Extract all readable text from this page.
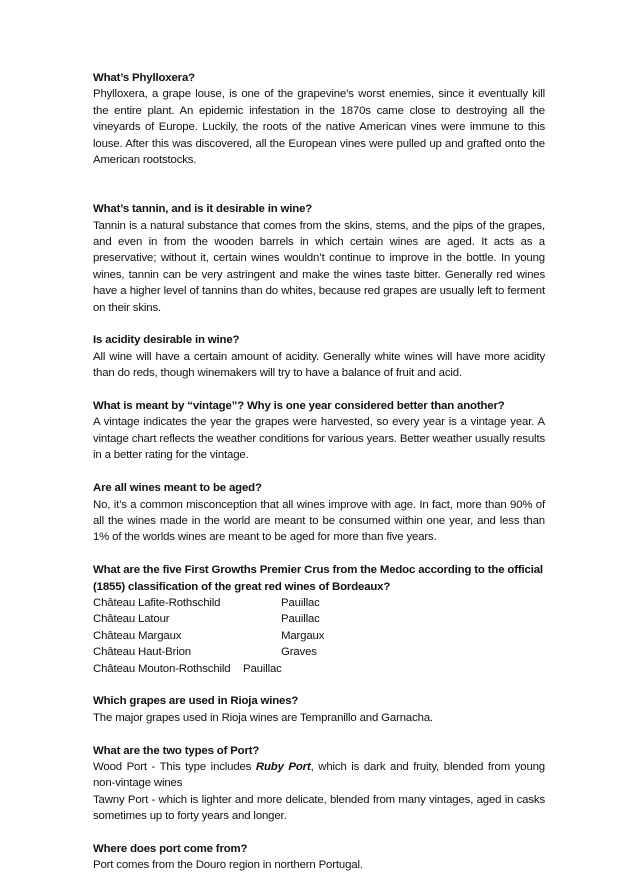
What’s Phylloxera?

Phylloxera, a grape louse, is one of the grapevine’s worst enemies, since it eventually kill the entire plant. An epidemic infestation in the 1870s came close to destroying all the vineyards of Europe. Luckily, the roots of the native American vines were immune to this louse. After this was discovered, all the European vines were pulled up and grafted onto the American rootstocks.

What’s tannin, and is it desirable in wine?

Tannin is a natural substance that comes from the skins, stems, and the pips of the grapes, and even in from the wooden barrels in which certain wines are aged. It acts as a preservative; without it, certain wines wouldn’t continue to improve in the bottle. In young wines, tannin can be very astringent and make the wines taste bitter. Generally red wines have a higher level of tannins than do whites, because red grapes are usually left to ferment on their skins.

Is acidity desirable in wine?

All wine will have a certain amount of acidity. Generally white wines will have more acidity than do reds, though winemakers will try to have a balance of fruit and acid.

What is meant by “vintage”? Why is one year considered better than another?

A vintage indicates the year the grapes were harvested, so every year is a vintage year. A vintage chart reflects the weather conditions for various years. Better weather usually results in a better rating for the vintage.

Are all wines meant to be aged?

No, it’s a common misconception that all wines improve with age. In fact, more than 90% of all the wines made in the world are meant to be consumed within one year, and less than 1% of the worlds wines are meant to be aged for more than five years.

What are the five First Growths Premier Crus from the Medoc according to the official (1855) classification of the great red wines of Bordeaux?

Château Lafite-Rothschild	Pauillac
Château Latour	Pauillac
Château Margaux	Margaux
Château Haut-Brion	Graves
Château Mouton-Rothschild	Pauillac

Which grapes are used in Rioja wines?

The major grapes used in Rioja wines are Tempranillo and Garnacha.

What are the two types of Port?

Wood Port - This type includes Ruby Port, which is dark and fruity, blended from young non-vintage wines

Tawny Port - which is lighter and more delicate, blended from many vintages, aged in casks sometimes up to forty years and longer.

Where does port come from?

Port comes from the Douro region in northern Portugal.
